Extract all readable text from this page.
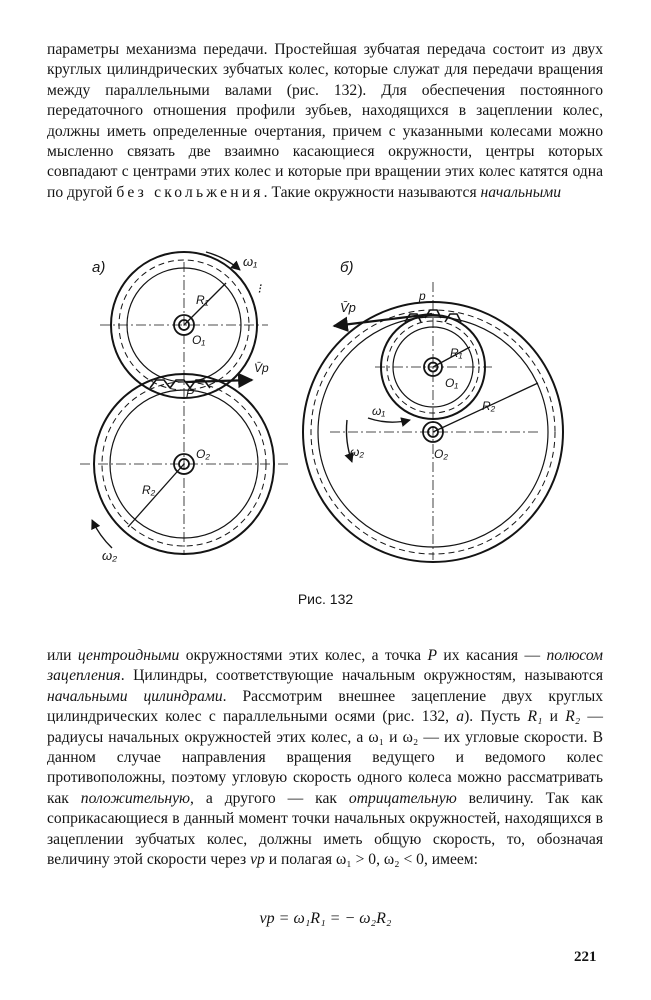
параметры механизма передачи. Простейшая зубчатая передача состоит из двух круглых цилиндрических зубчатых колес, которые служат для передачи вращения между параллельными валами (рис. 132). Для обеспечения постоянного передаточного отношения профили зубьев, находящихся в зацеплении колес, должны иметь определенные очертания, причем с указанными колесами можно мысленно связать две взаимно касающиеся окружности, центры которых совпадают с центрами этих колес и которые при вращении этих колес катятся одна по другой без скольжения. Такие окружности называются начальными

а)	ω₁
⁝
R₁
O₁
V̄p
P
O₂
R₂
ω₂
б)
V̄p
p
R₁
O₁
R₂
ω₁
O₂
ω₂
Рис. 132

или центроидными окружностями этих колес, а точка P их касания — полюсом зацепления. Цилиндры, соответствующие начальным окружностям, называются начальными цилиндрами. Рассмотрим внешнее зацепление двух круглых цилиндрических колес с параллельными осями (рис. 132, а). Пусть R₁ и R₂ — радиусы начальных окружностей этих колес, а ω₁ и ω₂ — их угловые скорости. В данном случае направления вращения ведущего и ведомого колес противоположны, поэтому угловую скорость одного колеса можно рассматривать как положительную, а другого — как отрицательную величину. Так как соприкасающиеся в данный момент точки начальных окружностей, находящихся в зацеплении зубчатых колес, должны иметь общую скорость, то, обозначая величину этой скорости через vp и полагая ω₁ > 0, ω₂ < 0, имеем:

vp = ω₁R₁ = − ω₂R₂
221
